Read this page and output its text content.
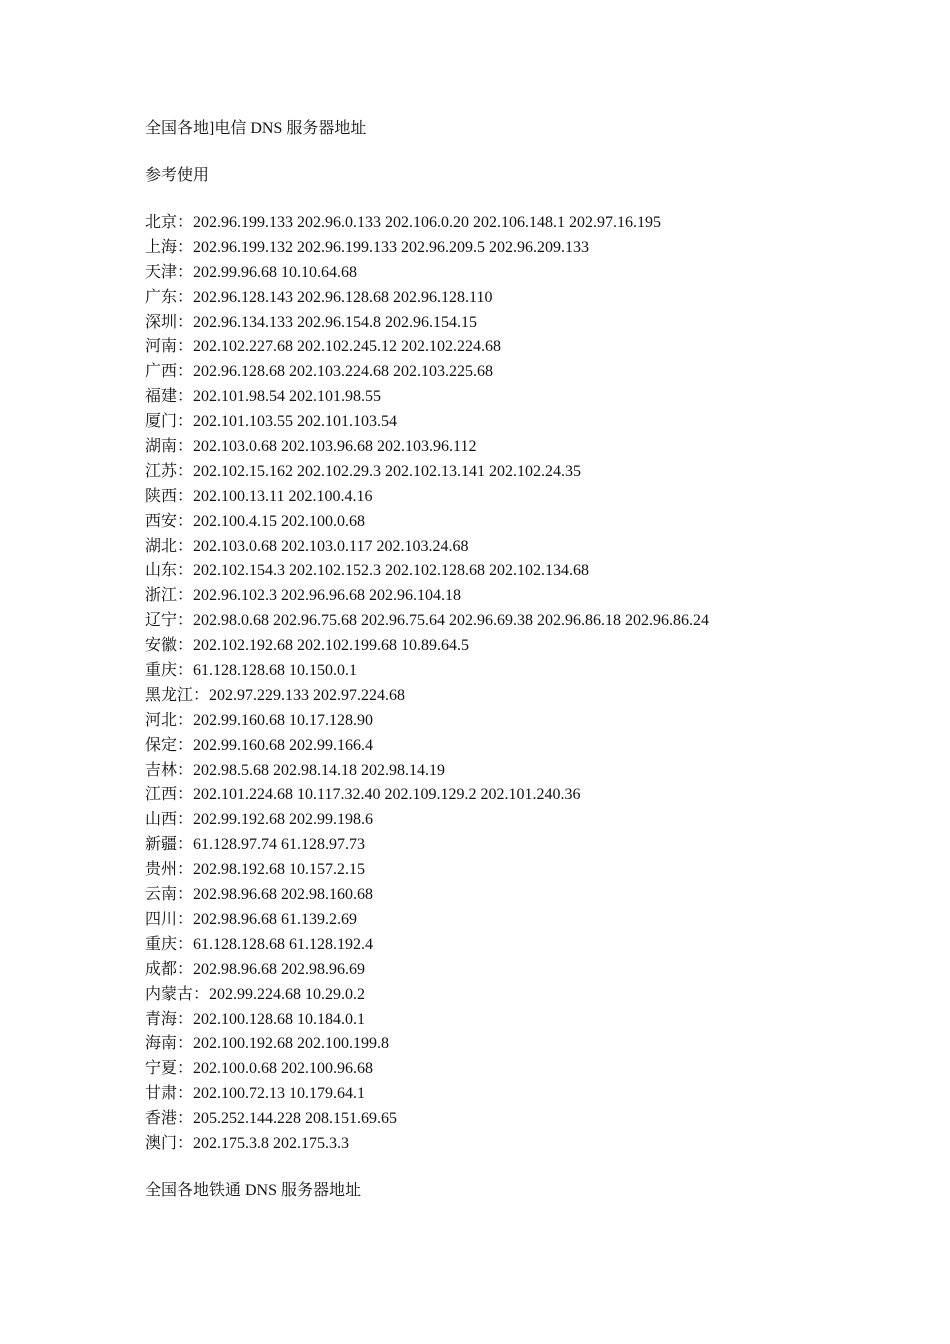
全国各地]电信 DNS 服务器地址
参考使用
北京：202.96.199.133 202.96.0.133 202.106.0.20 202.106.148.1 202.97.16.195
上海：202.96.199.132 202.96.199.133 202.96.209.5 202.96.209.133
天津：202.99.96.68 10.10.64.68
广东：202.96.128.143 202.96.128.68 202.96.128.110
深圳：202.96.134.133 202.96.154.8 202.96.154.15
河南：202.102.227.68 202.102.245.12 202.102.224.68
广西：202.96.128.68 202.103.224.68 202.103.225.68
福建：202.101.98.54 202.101.98.55
厦门：202.101.103.55 202.101.103.54
湖南：202.103.0.68 202.103.96.68 202.103.96.112
江苏：202.102.15.162 202.102.29.3 202.102.13.141 202.102.24.35
陕西：202.100.13.11 202.100.4.16
西安：202.100.4.15 202.100.0.68
湖北：202.103.0.68 202.103.0.117 202.103.24.68
山东：202.102.154.3 202.102.152.3 202.102.128.68 202.102.134.68
浙江：202.96.102.3 202.96.96.68 202.96.104.18
辽宁：202.98.0.68 202.96.75.68 202.96.75.64 202.96.69.38 202.96.86.18 202.96.86.24
安徽：202.102.192.68 202.102.199.68 10.89.64.5
重庆：61.128.128.68 10.150.0.1
黑龙江：202.97.229.133 202.97.224.68
河北：202.99.160.68 10.17.128.90
保定：202.99.160.68 202.99.166.4
吉林：202.98.5.68 202.98.14.18 202.98.14.19
江西：202.101.224.68 10.117.32.40 202.109.129.2 202.101.240.36
山西：202.99.192.68 202.99.198.6
新疆：61.128.97.74 61.128.97.73
贵州：202.98.192.68 10.157.2.15
云南：202.98.96.68 202.98.160.68
四川：202.98.96.68 61.139.2.69
重庆：61.128.128.68 61.128.192.4
成都：202.98.96.68 202.98.96.69
内蒙古：202.99.224.68 10.29.0.2
青海：202.100.128.68 10.184.0.1
海南：202.100.192.68 202.100.199.8
宁夏：202.100.0.68 202.100.96.68
甘肃：202.100.72.13 10.179.64.1
香港：205.252.144.228 208.151.69.65
澳门：202.175.3.8 202.175.3.3
全国各地铁通 DNS 服务器地址
